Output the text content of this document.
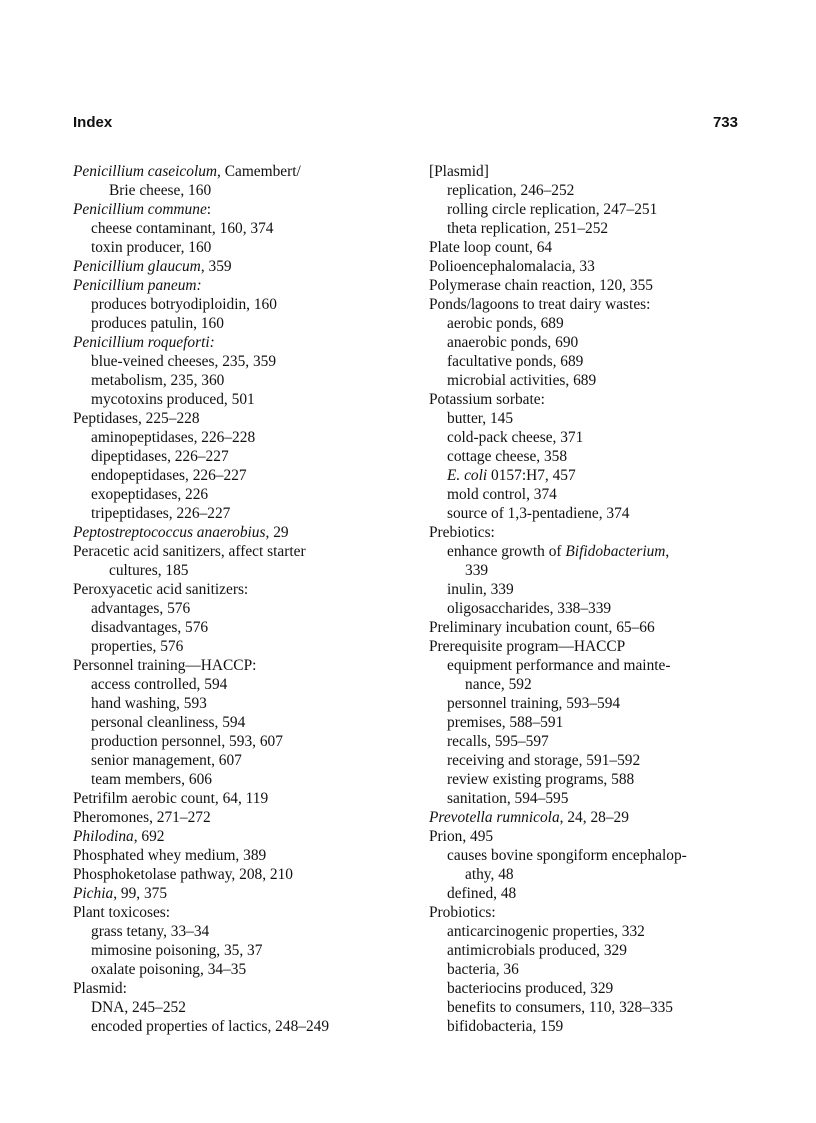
Index	733
Penicillium caseicolum, Camembert/
Brie cheese, 160
Penicillium commune:
cheese contaminant, 160, 374
toxin producer, 160
Penicillium glaucum, 359
Penicillium paneum:
produces botryodiploidin, 160
produces patulin, 160
Penicillium roqueforti:
blue-veined cheeses, 235, 359
metabolism, 235, 360
mycotoxins produced, 501
Peptidases, 225–228
aminopeptidases, 226–228
dipeptidases, 226–227
endopeptidases, 226–227
exopeptidases, 226
tripeptidases, 226–227
Peptostreptococcus anaerobius, 29
Peracetic acid sanitizers, affect starter
cultures, 185
Peroxyacetic acid sanitizers:
advantages, 576
disadvantages, 576
properties, 576
Personnel training—HACCP:
access controlled, 594
hand washing, 593
personal cleanliness, 594
production personnel, 593, 607
senior management, 607
team members, 606
Petrifilm aerobic count, 64, 119
Pheromones, 271–272
Philodina, 692
Phosphated whey medium, 389
Phosphoketolase pathway, 208, 210
Pichia, 99, 375
Plant toxicoses:
grass tetany, 33–34
mimosine poisoning, 35, 37
oxalate poisoning, 34–35
Plasmid:
DNA, 245–252
encoded properties of lactics, 248–249
[Plasmid]
replication, 246–252
rolling circle replication, 247–251
theta replication, 251–252
Plate loop count, 64
Polioencephalomalacia, 33
Polymerase chain reaction, 120, 355
Ponds/lagoons to treat dairy wastes:
aerobic ponds, 689
anaerobic ponds, 690
facultative ponds, 689
microbial activities, 689
Potassium sorbate:
butter, 145
cold-pack cheese, 371
cottage cheese, 358
E. coli 0157:H7, 457
mold control, 374
source of 1,3-pentadiene, 374
Prebiotics:
enhance growth of Bifidobacterium,
339
inulin, 339
oligosaccharides, 338–339
Preliminary incubation count, 65–66
Prerequisite program—HACCP
equipment performance and mainte-
nance, 592
personnel training, 593–594
premises, 588–591
recalls, 595–597
receiving and storage, 591–592
review existing programs, 588
sanitation, 594–595
Prevotella rumnicola, 24, 28–29
Prion, 495
causes bovine spongiform encephalop-
athy, 48
defined, 48
Probiotics:
anticarcinogenic properties, 332
antimicrobials produced, 329
bacteria, 36
bacteriocins produced, 329
benefits to consumers, 110, 328–335
bifidobacteria, 159
